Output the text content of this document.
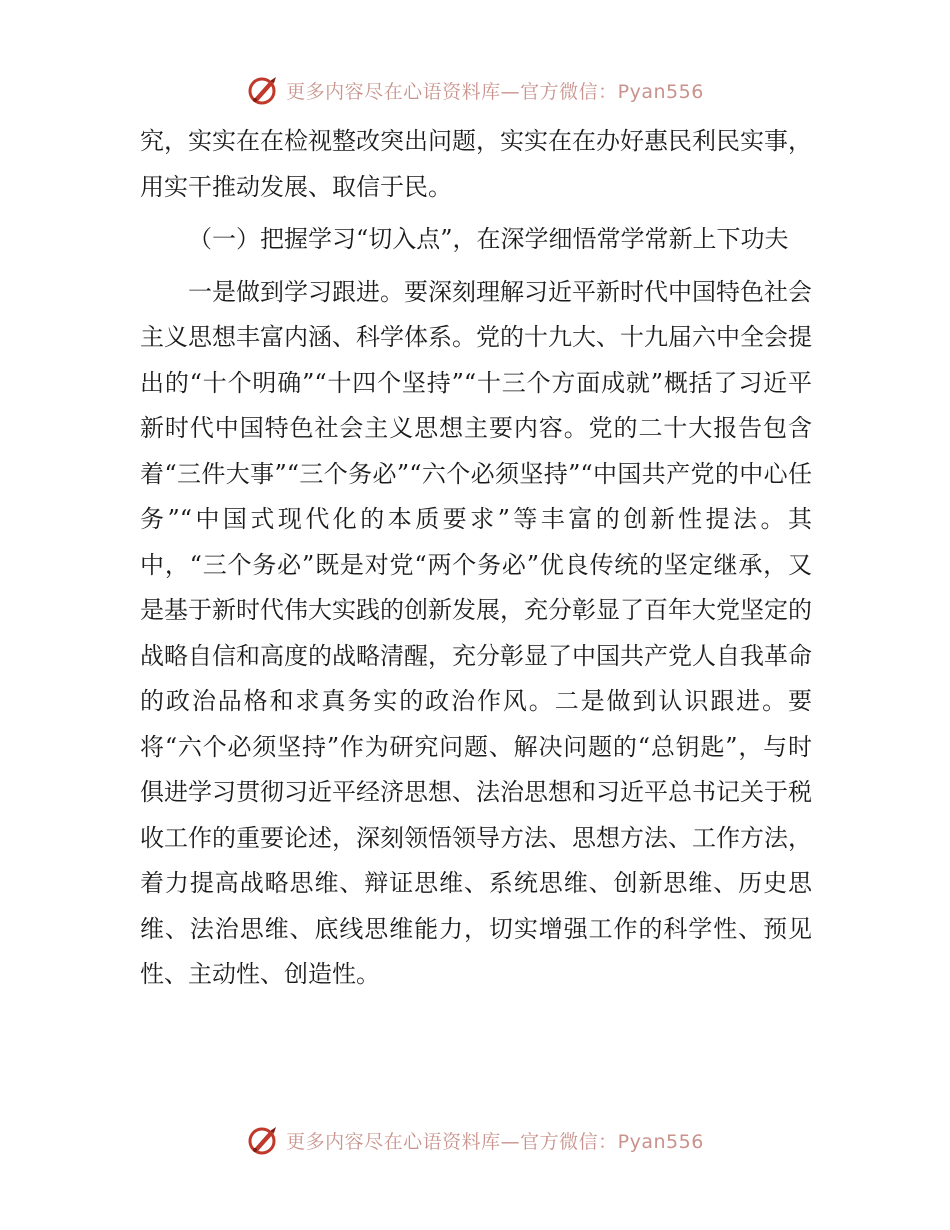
更多内容尽在心语资料库—官方微信：Pyan556

究，实实在在检视整改突出问题，实实在在办好惠民利民实事，用实干推动发展、取信于民。

（一）把握学习“切入点”，在深学细悟常学常新上下功夫

一是做到学习跟进。要深刻理解习近平新时代中国特色社会主义思想丰富内涵、科学体系。党的十九大、十九届六中全会提出的“十个明确”“十四个坚持”“十三个方面成就”概括了习近平新时代中国特色社会主义思想主要内容。党的二十大报告包含着“三件大事”“三个务必”“六个必须坚持”“中国共产党的中心任务”“中国式现代化的本质要求”等丰富的创新性提法。其中，“三个务必”既是对党“两个务必”优良传统的坚定继承，又是基于新时代伟大实践的创新发展，充分彰显了百年大党坚定的战略自信和高度的战略清醒，充分彰显了中国共产党人自我革命的政治品格和求真务实的政治作风。二是做到认识跟进。要将“六个必须坚持”作为研究问题、解决问题的“总钥匙”，与时俱进学习贯彻习近平经济思想、法治思想和习近平总书记关于税收工作的重要论述，深刻领悟领导方法、思想方法、工作方法，着力提高战略思维、辩证思维、系统思维、创新思维、历史思维、法治思维、底线思维能力，切实增强工作的科学性、预见性、主动性、创造性。

更多内容尽在心语资料库—官方微信：Pyan556
